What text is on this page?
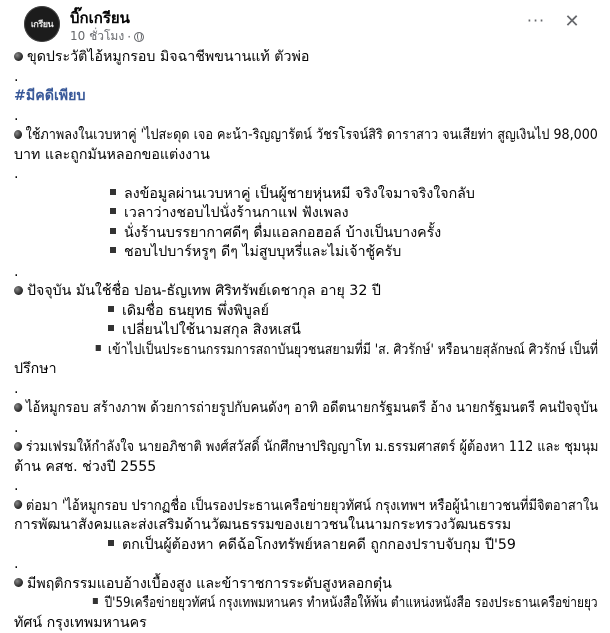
เกรียน บิ๊กเกรียน
10 ชั่วโมง ·
··· ✕
ขุดประวัติไอ้หมูกรอบ มิจฉาชีพขนานแท้ ตัวพ่อ
.
#มีคดีเพียบ
.
ใช้ภาพลงในเวบหาคู่ 'ไปสะดุด เจอ คะน้า-ริญญารัตน์ วัชรโรจน์สิริ ดาราสาว จนเสียท่า สูญเงินไป 98,000
บาท และถูกมันหลอกขอแต่งงาน
.
ลงข้อมูลผ่านเวบหาคู่ เป็นผู้ชายหุ่นหมี จริงใจมาจริงใจกลับ
เวลาว่างชอบไปนั่งร้านกาแฟ ฟังเพลง
นั่งร้านบรรยากาศดีๆ ดื่มแอลกอฮอล์ บ้างเป็นบางครั้ง
ชอบไปบาร์หรูๆ ดีๆ ไม่สูบบุหรี่และไม่เจ้าชู้ครับ
.
ปัจจุบัน มันใช้ชื่อ ปอน-ธัญเทพ ศิริทรัพย์เดชากุล อายุ 32 ปี
เดิมชื่อ ธนยุทธ พึ่งพิบูลย์
เปลี่ยนไปใช้นามสกุล สิงหเสนี
เข้าไปเป็นประธานกรรมการสถาบันยุวชนสยามที่มี 'ส. ศิวรักษ์' หรือนายสุลักษณ์ ศิวรักษ์ เป็นที่
ปรึกษา
.
ไอ้หมูกรอบ สร้างภาพ ด้วยการถ่ายรูปกับคนดังๆ อาทิ อดีตนายกรัฐมนตรี อ้าง นายกรัฐมนตรี คนปัจจุบัน
.
ร่วมเฟรมให้กำลังใจ นายอภิชาติ พงศ์สวัสดิ์ นักศึกษาปริญญาโท ม.ธรรมศาสตร์ ผู้ต้องหา 112 และ ชุมนุม
ต้าน คสช. ช่วงปี 2555
.
ต่อมา 'ไอ้หมูกรอบ ปรากฏชื่อ เป็นรองประธานเครือข่ายยุวทัศน์ กรุงเทพฯ หรือผู้นำเยาวชนที่มีจิตอาสาใน
การพัฒนาสังคมและส่งเสริมด้านวัฒนธรรมของเยาวชนในนามกระทรวงวัฒนธรรม
ตกเป็นผู้ต้องหา คดีฉ้อโกงทรัพย์หลายคดี ถูกกองปราบจับกุม ปี'59
.
มีพฤติกรรมแอบอ้างเบื้องสูง และข้าราชการระดับสูงหลอกตุ๋น
ปี'59เครือข่ายยุวทัศน์ กรุงเทพมหานคร ทำหนังสือให้พ้น ตำแหน่งหนังสือ รองประธานเครือข่ายยุว
ทัศน์ กรุงเทพมหานคร
